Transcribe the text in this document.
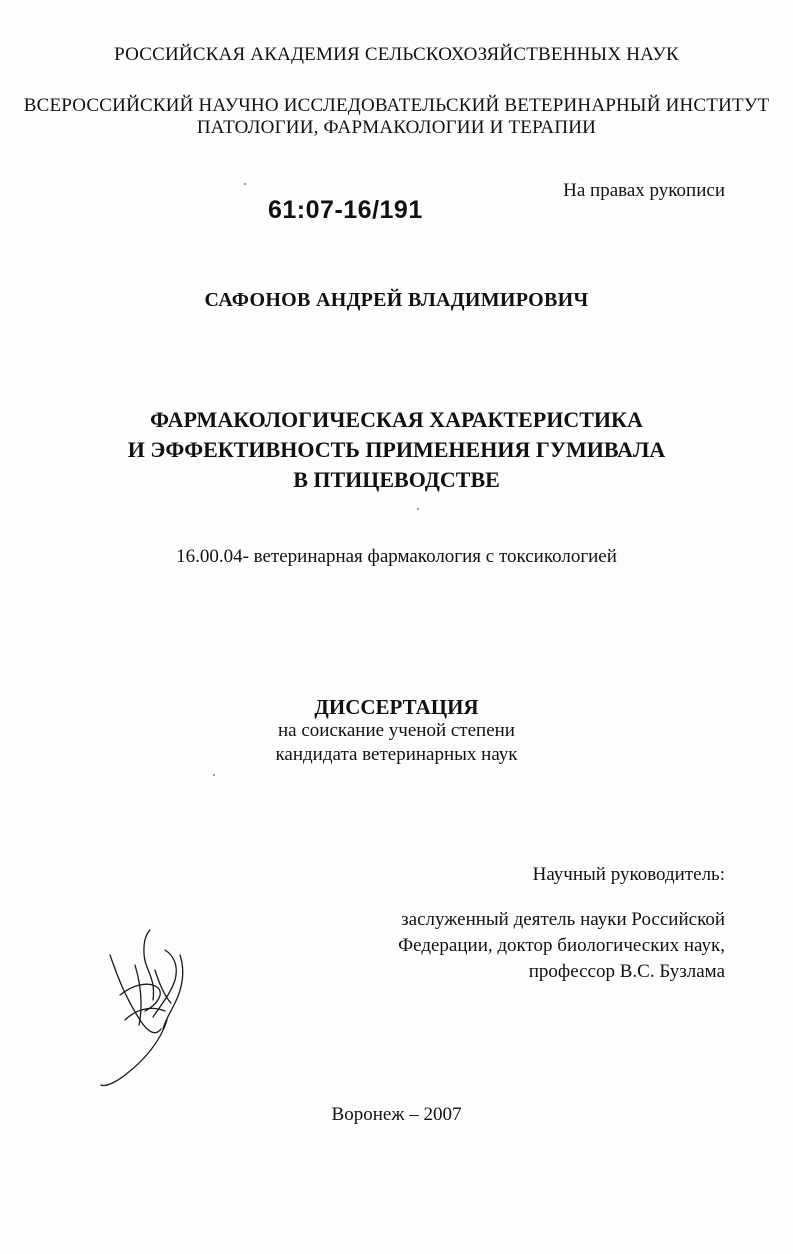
РОССИЙСКАЯ АКАДЕМИЯ СЕЛЬСКОХОЗЯЙСТВЕННЫХ НАУК
ВСЕРОССИЙСКИЙ НАУЧНО ИССЛЕДОВАТЕЛЬСКИЙ ВЕТЕРИНАРНЫЙ ИНСТИТУТ
ПАТОЛОГИИ, ФАРМАКОЛОГИИ И ТЕРАПИИ
На правах рукописи
61:07-16/191
САФОНОВ АНДРЕЙ ВЛАДИМИРОВИЧ
ФАРМАКОЛОГИЧЕСКАЯ ХАРАКТЕРИСТИКА
И ЭФФЕКТИВНОСТЬ ПРИМЕНЕНИЯ ГУМИВАЛА
В ПТИЦЕВОДСТВЕ
16.00.04- ветеринарная фармакология с токсикологией
ДИССЕРТАЦИЯ
на соискание ученой степени
кандидата ветеринарных наук
Научный руководитель:
заслуженный деятель науки Российской
Федерации, доктор биологических наук,
профессор В.С. Бузлама
Воронеж – 2007
